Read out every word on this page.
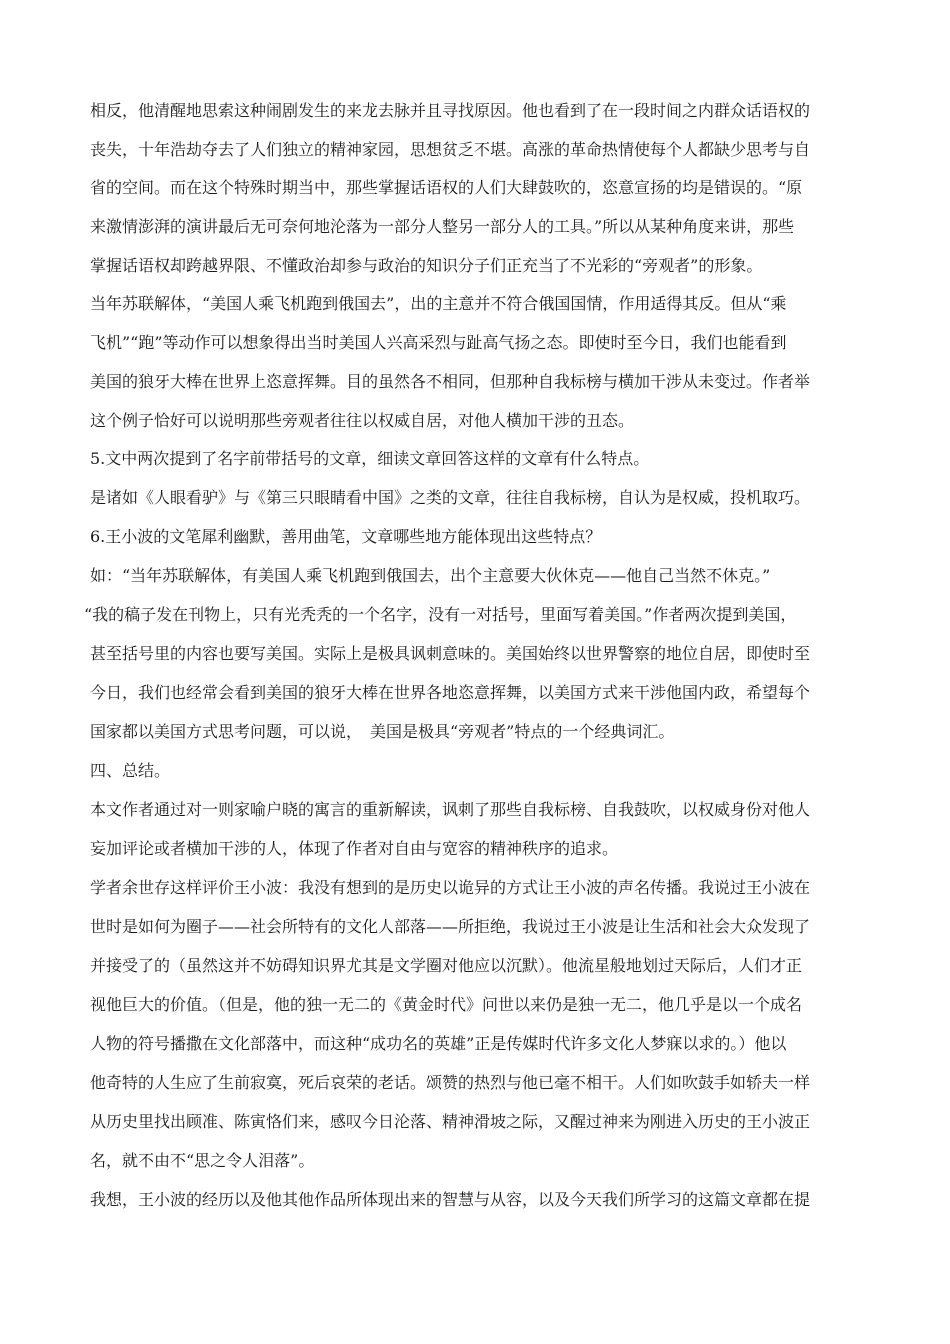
相反，他清醒地思索这种闹剧发生的来龙去脉并且寻找原因。他也看到了在一段时间之内群众话语权的
丧失，十年浩劫夺去了人们独立的精神家园，思想贫乏不堪。高涨的革命热情使每个人都缺少思考与自
省的空间。而在这个特殊时期当中，那些掌握话语权的人们大肆鼓吹的，恣意宣扬的均是错误的。“原
来激情澎湃的演讲最后无可奈何地沦落为一部分人整另一部分人的工具。”所以从某种角度来讲，那些
掌握话语权却跨越界限、不懂政治却参与政治的知识分子们正充当了不光彩的“旁观者”的形象。
当年苏联解体，“美国人乘飞机跑到俄国去”，出的主意并不符合俄国国情，作用适得其反。但从“乘
飞机”“跑”等动作可以想象得出当时美国人兴高采烈与趾高气扬之态。即使时至今日，我们也能看到
美国的狼牙大棒在世界上恣意挥舞。目的虽然各不相同，但那种自我标榜与横加干涉从未变过。作者举
这个例子恰好可以说明那些旁观者往往以权威自居，对他人横加干涉的丑态。
5.文中两次提到了名字前带括号的文章，细读文章回答这样的文章有什么特点。
是诸如《人眼看驴》与《第三只眼睛看中国》之类的文章，往往自我标榜，自认为是权威，投机取巧。
6.王小波的文笔犀利幽默，善用曲笔，文章哪些地方能体现出这些特点？
如：“当年苏联解体，有美国人乘飞机跑到俄国去，出个主意要大伙休克——他自己当然不休克。”
“我的稿子发在刊物上，只有光秃秃的一个名字，没有一对括号，里面写着美国。”作者两次提到美国，
甚至括号里的内容也要写美国。实际上是极具讽刺意味的。美国始终以世界警察的地位自居，即使时至
今日，我们也经常会看到美国的狼牙大棒在世界各地恣意挥舞，以美国方式来干涉他国内政，希望每个
国家都以美国方式思考问题，可以说，　美国是极具“旁观者”特点的一个经典词汇。
四、总结。
本文作者通过对一则家喻户晓的寓言的重新解读，讽刺了那些自我标榜、自我鼓吹，以权威身份对他人
妄加评论或者横加干涉的人，体现了作者对自由与宽容的精神秩序的追求。
学者余世存这样评价王小波：我没有想到的是历史以诡异的方式让王小波的声名传播。我说过王小波在
世时是如何为圈子——社会所特有的文化人部落——所拒绝，我说过王小波是让生活和社会大众发现了
并接受了的（虽然这并不妨碍知识界尤其是文学圈对他应以沉默）。他流星般地划过天际后，人们才正
视他巨大的价值。（但是，他的独一无二的《黄金时代》问世以来仍是独一无二，他几乎是以一个成名
人物的符号播撒在文化部落中，而这种“成功名的英雄”正是传媒时代许多文化人梦寐以求的。）他以
他奇特的人生应了生前寂寞，死后哀荣的老话。颂赞的热烈与他已毫不相干。人们如吹鼓手如轿夫一样
从历史里找出顾准、陈寅恪们来，感叹今日沦落、精神滑坡之际，又醒过神来为刚进入历史的王小波正
名，就不由不“思之令人泪落”。
我想，王小波的经历以及他其他作品所体现出来的智慧与从容，以及今天我们所学习的这篇文章都在提
